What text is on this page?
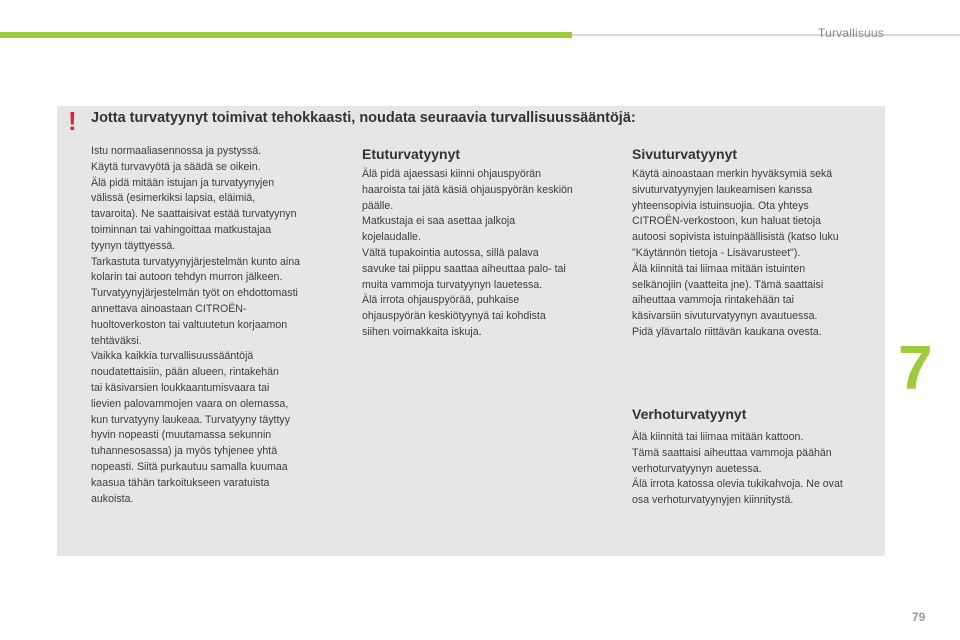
Turvallisuus
! Jotta turvatyynyt toimivat tehokkaasti, noudata seuraavia turvallisuussääntöjä:

Istu normaaliasennossa ja pystyssä.

Käytä turvavyötä ja säädä se oikein.

Älä pidä mitään istujan ja turvatyynyjen

välissä (esimerkiksi lapsia, eläimiä,

tavaroita). Ne saattaisivat estää turvatyynyn

toiminnan tai vahingoittaa matkustajaa

tyynyn täyttyessä.

Tarkastuta turvatyynyjärjestelmän kunto aina

kolarin tai autoon tehdyn murron jälkeen.

Turvatyynyjärjestelmän työt on ehdottomasti

annettava ainoastaan CITROËN-

huoltoverkoston tai valtuutetun korjaamon

tehtäväksi.

Vaikka kaikkia turvallisuussääntöjä

noudatettaisiin, pään alueen, rintakehän

tai käsivarsien loukkaantumisvaara tai

lievien palovammojen vaara on olemassa,

kun turvatyyny laukeaa. Turvatyyny täyttyy

hyvin nopeasti (muutamassa sekunnin

tuhannesosassa) ja myös tyhjenee yhtä

nopeasti. Siitä purkautuu samalla kuumaa

kaasua tähän tarkoitukseen varatuista

aukoista.

Etuturvatyynyt

Älä pidä ajaessasi kiinni ohjauspyörän

haaroista tai jätä käsiä ohjauspyörän keskiön

päälle.

Matkustaja ei saa asettaa jalkoja

kojelaudalle.

Vältä tupakointia autossa, sillä palava

savuke tai piippu saattaa aiheuttaa palo- tai

muita vammoja turvatyynyn lauetessa.

Älä irrota ohjauspyörää, puhkaise

ohjauspyörän keskiötyynyä tai kohdista

siihen voimakkaita iskuja.

Sivuturvatyynyt

Käytä ainoastaan merkin hyväksymiä sekä

sivuturvatyynyjen laukeamisen kanssa

yhteensopivia istuinsuojia. Ota yhteys

CITROËN-verkostoon, kun haluat tietoja

autoosi sopivista istuinpäällisistä (katso luku

"Käytännön tietoja - Lisävarusteet").

Älä kiinnitä tai liimaa mitään istuinten

selkänojiin (vaatteita jne). Tämä saattaisi

aiheuttaa vammoja rintakehään tai

käsivarsiin sivuturvatyynyn avautuessa.

Pidä ylävartalo riittävän kaukana ovesta.

Verhoturvatyynyt

Älä kiinnitä tai liimaa mitään kattoon.

Tämä saattaisi aiheuttaa vammoja päähän

verhoturvatyynyn auetessa.

Älä irrota katossa olevia tukikahvoja. Ne ovat

osa verhoturvatyynyjen kiinnitystä.

7
79
